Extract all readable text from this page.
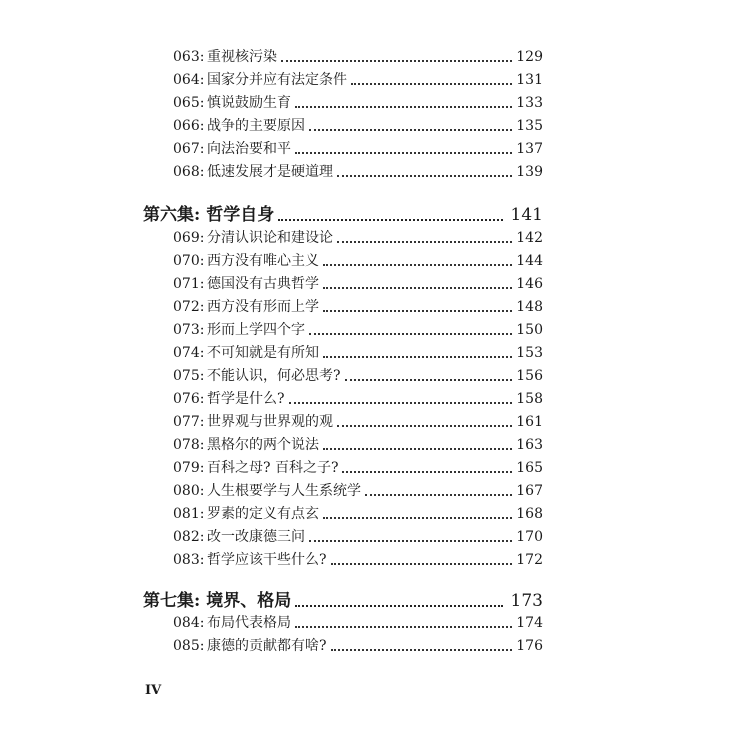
063: 重视核污染	129
064: 国家分并应有法定条件	131
065: 慎说鼓励生育	133
066: 战争的主要原因	135
067: 向法治要和平	137
068: 低速发展才是硬道理	139
第六集: 哲学自身	141
069: 分清认识论和建设论	142
070: 西方没有唯心主义	144
071: 德国没有古典哲学	146
072: 西方没有形而上学	148
073: 形而上学四个字	150
074: 不可知就是有所知	153
075: 不能认识，何必思考?	156
076: 哲学是什么?	158
077: 世界观与世界观的观	161
078: 黑格尔的两个说法	163
079: 百科之母? 百科之子?	165
080: 人生根要学与人生系统学	167
081: 罗素的定义有点玄	168
082: 改一改康德三问	170
083: 哲学应该干些什么?	172
第七集: 境界、格局	173
084: 布局代表格局	174
085: 康德的贡献都有啥?	176
IV
